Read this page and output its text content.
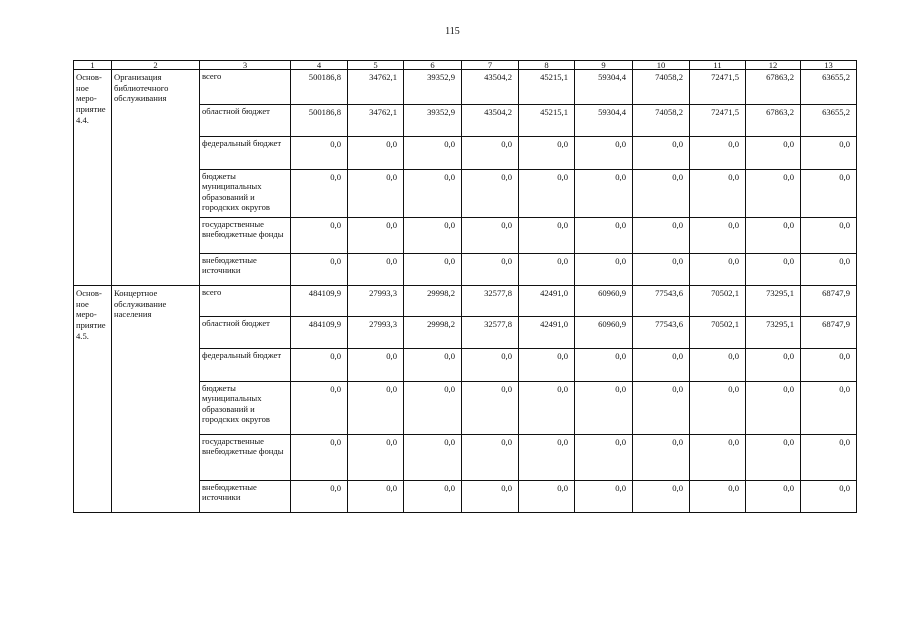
115
1	2	3	4	5	6	7	8	9	10	11	12	13
Основ-ное меро-приятие 4.4.	Организация библиотечного обслуживания	всего	500186,8	34762,1	39352,9	43504,2	45215,1	59304,4	74058,2	72471,5	67863,2	63655,2
		областной бюджет	500186,8	34762,1	39352,9	43504,2	45215,1	59304,4	74058,2	72471,5	67863,2	63655,2
		федеральный бюджет	0,0	0,0	0,0	0,0	0,0	0,0	0,0	0,0	0,0	0,0
		бюджеты муниципальных образований и городских округов	0,0	0,0	0,0	0,0	0,0	0,0	0,0	0,0	0,0	0,0
		государственные внебюджетные фонды	0,0	0,0	0,0	0,0	0,0	0,0	0,0	0,0	0,0	0,0
		внебюджетные источники	0,0	0,0	0,0	0,0	0,0	0,0	0,0	0,0	0,0	0,0
Основ-ное меро-приятие 4.5.	Концертное обслуживание населения	всего	484109,9	27993,3	29998,2	32577,8	42491,0	60960,9	77543,6	70502,1	73295,1	68747,9
		областной бюджет	484109,9	27993,3	29998,2	32577,8	42491,0	60960,9	77543,6	70502,1	73295,1	68747,9
		федеральный бюджет	0,0	0,0	0,0	0,0	0,0	0,0	0,0	0,0	0,0	0,0
		бюджеты муниципальных образований и городских округов	0,0	0,0	0,0	0,0	0,0	0,0	0,0	0,0	0,0	0,0
		государственные внебюджетные фонды	0,0	0,0	0,0	0,0	0,0	0,0	0,0	0,0	0,0	0,0
		внебюджетные источники	0,0	0,0	0,0	0,0	0,0	0,0	0,0	0,0	0,0	0,0
